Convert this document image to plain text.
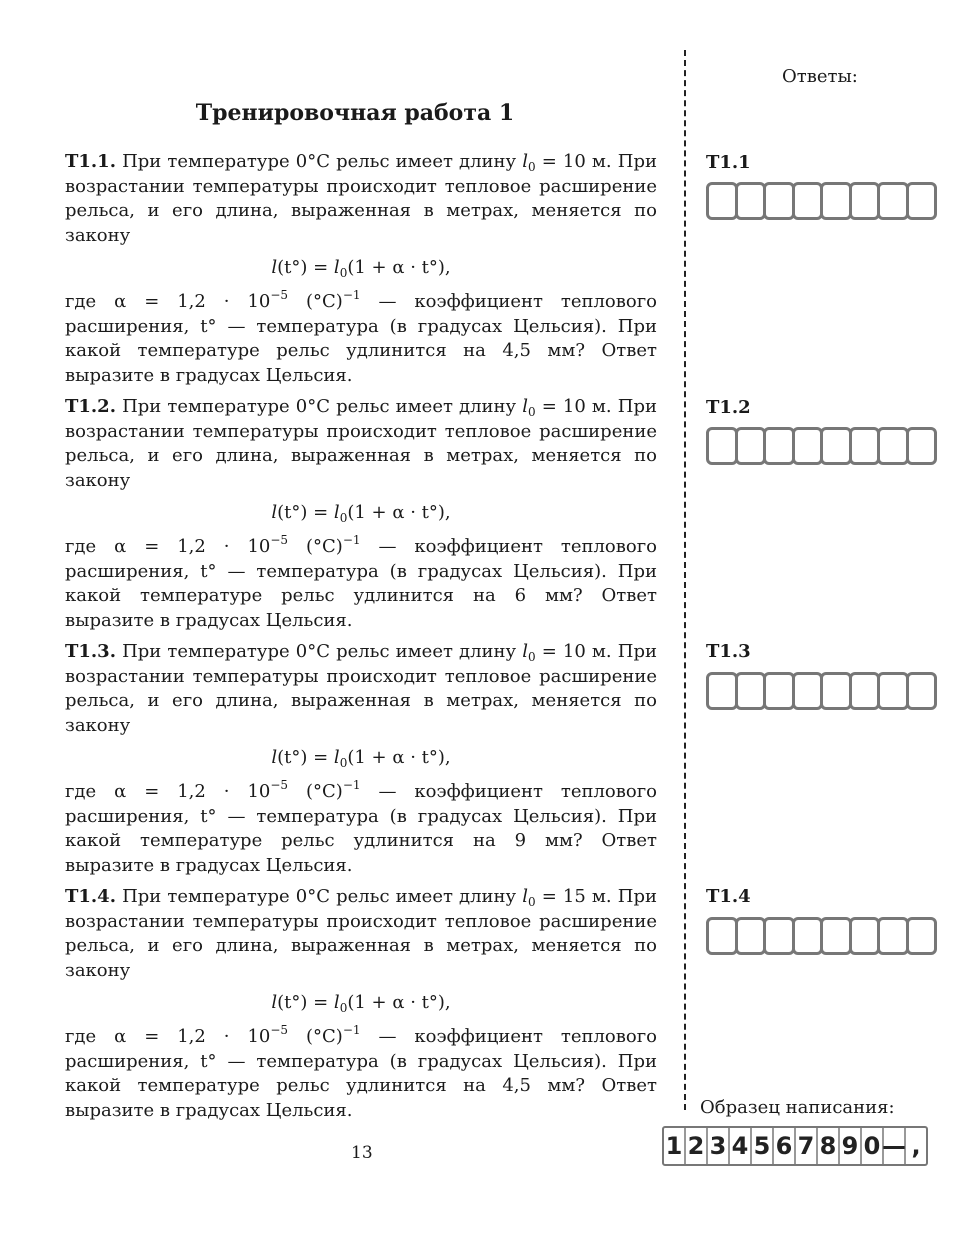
Тренировочная работа 1

T1.1. При температуре 0°C рельс имеет длину $l_0 = 10$ м. При возрастании температуры происходит тепловое расширение рельса, и его длина, выраженная в метрах, меняется по закону

$l(t^\circ) = l_0(1 + \alpha \cdot t^\circ)$,

где $\alpha = 1,2 \cdot 10^{-5}$ $(^\circ C)^{-1}$ — коэффициент теплового расширения, t° — температура (в градусах Цельсия). При какой температуре рельс удлинится на 4,5 мм? Ответ выразите в градусах Цельсия.

T1.2. При температуре 0°C рельс имеет длину $l_0 = 10$ м. При возрастании температуры происходит тепловое расширение рельса, и его длина, выраженная в метрах, меняется по закону

$l(t^\circ) = l_0(1 + \alpha \cdot t^\circ)$,

где $\alpha = 1,2 \cdot 10^{-5}$ $(^\circ C)^{-1}$ — коэффициент теплового расширения, t° — температура (в градусах Цельсия). При какой температуре рельс удлинится на 6 мм? Ответ выразите в градусах Цельсия.

T1.3. При температуре 0°C рельс имеет длину $l_0 = 10$ м. При возрастании температуры происходит тепловое расширение рельса, и его длина, выраженная в метрах, меняется по закону

$l(t^\circ) = l_0(1 + \alpha \cdot t^\circ)$,

где $\alpha = 1,2 \cdot 10^{-5}$ $(^\circ C)^{-1}$ — коэффициент теплового расширения, t° — температура (в градусах Цельсия). При какой температуре рельс удлинится на 9 мм? Ответ выразите в градусах Цельсия.

T1.4. При температуре 0°C рельс имеет длину $l_0 = 15$ м. При возрастании температуры происходит тепловое расширение рельса, и его длина, выраженная в метрах, меняется по закону

$l(t^\circ) = l_0(1 + \alpha \cdot t^\circ)$,

где $\alpha = 1,2 \cdot 10^{-5}$ $(^\circ C)^{-1}$ — коэффициент теплового расширения, t° — температура (в градусах Цельсия). При какой температуре рельс удлинится на 4,5 мм? Ответ выразите в градусах Цельсия.

Ответы:
T1.1
T1.2
T1.3
T1.4
Образец написания:
1 2 3 4 5 6 7 8 9 0 — ,
13
